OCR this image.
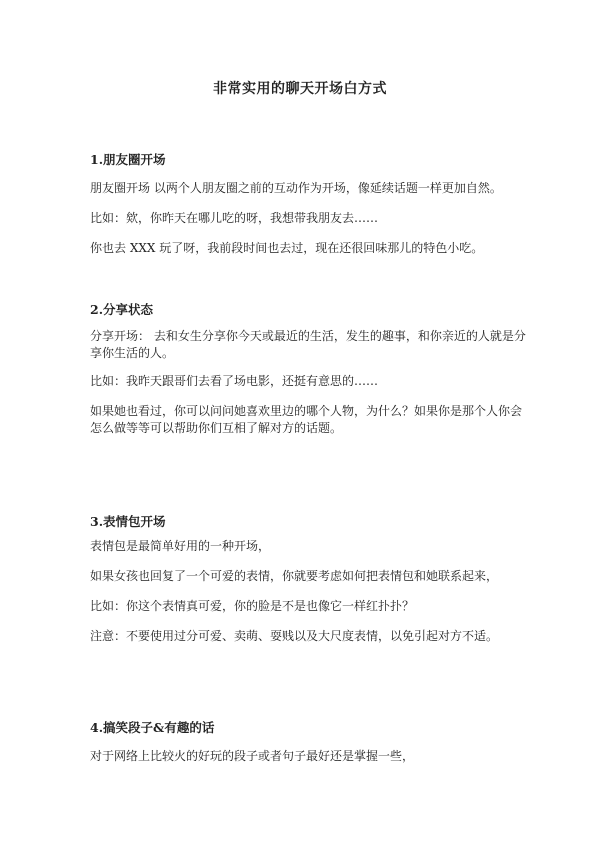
非常实用的聊天开场白方式
1.朋友圈开场
朋友圈开场 以两个人朋友圈之前的互动作为开场，像延续话题一样更加自然。
比如：欸，你昨天在哪儿吃的呀，我想带我朋友去……
你也去 XXX 玩了呀，我前段时间也去过，现在还很回味那儿的特色小吃。
2.分享状态
分享开场： 去和女生分享你今天或最近的生活，发生的趣事，和你亲近的人就是分享你生活的人。
比如：我昨天跟哥们去看了场电影，还挺有意思的……
如果她也看过，你可以问问她喜欢里边的哪个人物，为什么？如果你是那个人你会怎么做等等可以帮助你们互相了解对方的话题。
3.表情包开场
表情包是最简单好用的一种开场，
如果女孩也回复了一个可爱的表情，你就要考虑如何把表情包和她联系起来，
比如：你这个表情真可爱，你的脸是不是也像它一样红扑扑？
注意：不要使用过分可爱、卖萌、耍贱以及大尺度表情，以免引起对方不适。
4.搞笑段子&有趣的话
对于网络上比较火的好玩的段子或者句子最好还是掌握一些，
